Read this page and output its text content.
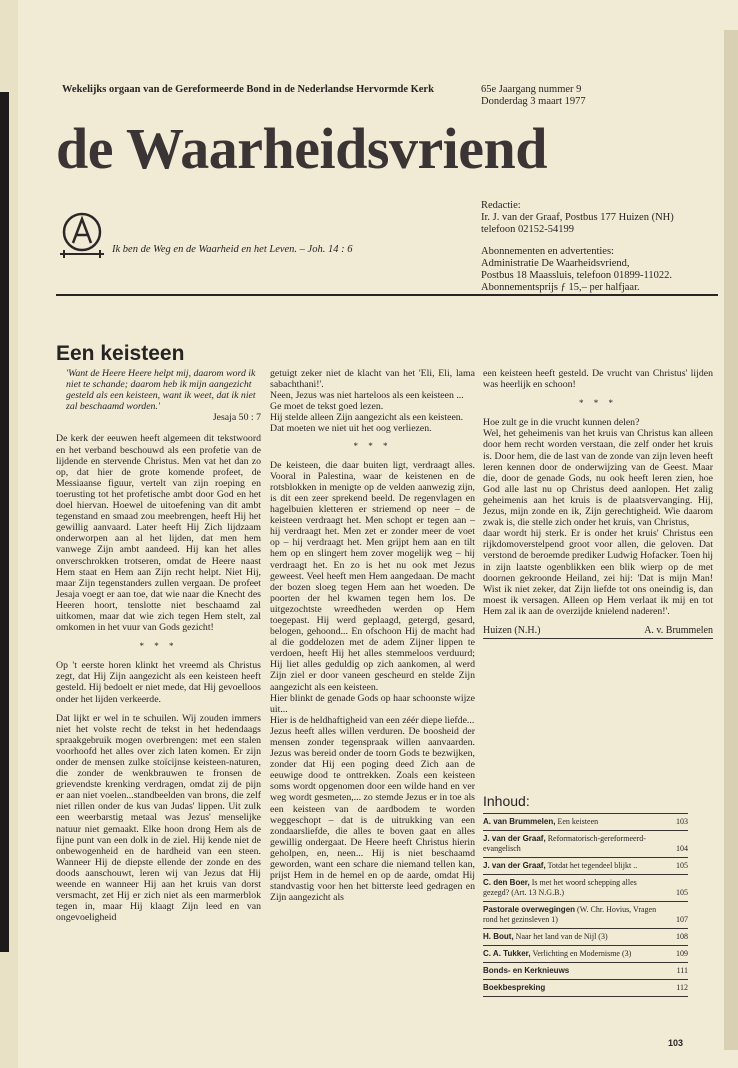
Wekelijks orgaan van de Gereformeerde Bond in de Nederlandse Hervormde Kerk	65e Jaargang nummer 9
Donderdag 3 maart 1977
de Waarheidsvriend
Ik ben de Weg en de Waarheid en het Leven. – Joh. 14 : 6
Redactie:
Ir. J. van der Graaf, Postbus 177 Huizen (NH)
telefoon 02152-54199
Abonnementen en advertenties:
Administratie De Waarheidsvriend,
Postbus 18 Maassluis, telefoon 01899-11022.
Abonnementsprijs ƒ 15,– per halfjaar.
Een keisteen
'Want de Heere Heere helpt mij, daarom word ik niet te schande; daarom heb ik mijn aangezicht gesteld als een keisteen, want ik weet, dat ik niet zal beschaamd worden.'
Jesaja 50 : 7

De kerk der eeuwen heeft algemeen dit tekstwoord en het verband beschouwd als een profetie van de lijdende en stervende Christus. Men vat het dan zo op, dat hier de grote komende profeet, de Messiaanse figuur, vertelt van zijn roeping en toerusting tot het profetische ambt door God en het doel hiervan. Hoewel de uitoefening van dit ambt tegenstand en smaad zou meebrengen, heeft Hij het gewillig aanvaard. Later heeft Hij Zich lijdzaam onderworpen aan al het lijden, dat men hem vanwege Zijn ambt aandeed. Hij kan het alles onverschrokken trotseren, omdat de Heere naast Hem staat en Hem aan Zijn recht helpt. Niet Hij, maar Zijn tegenstanders zullen vergaan. De profeet Jesaja voegt er aan toe, dat wie naar die Knecht des Heeren hoort, tenslotte niet beschaamd zal uitkomen, maar dat wie zich tegen Hem stelt, zal omkomen in het vuur van Gods gezicht!

* * *

Op 't eerste horen klinkt het vreemd als Christus zegt, dat Hij Zijn aangezicht als een keisteen heeft gesteld. Hij bedoelt er niet mede, dat Hij gevoelloos onder het lijden verkeerde.

Dat lijkt er wel in te schuilen. Wij zouden immers niet het volste recht de tekst in het hedendaags spraakgebruik mogen overbrengen: met een stalen voorhoofd het alles over zich laten komen. Er zijn onder de mensen zulke stoïcijnse keisteen-naturen, die zonder de wenkbrauwen te fronsen de grievendste krenking verdragen, omdat zij de pijn er aan niet voelen...standbeelden van brons, die zelf niet rillen onder de kus van Judas' lippen. Uit zulk een weerbarstig metaal was Jezus' menselijke natuur niet gemaakt. Elke hoon drong Hem als de fijne punt van een dolk in de ziel. Hij kende niet de onbewogenheid en de hardheid van een steen. Wanneer Hij de diepste ellende der zonde en des doods aanschouwt, leren wij van Jezus dat Hij weende en wanneer Hij aan het kruis van dorst versmacht, zet Hij er zich niet als een marmerblok tegen in, maar Hij klaagt Zijn leed en van ongevoeligheid

getuigt zeker niet de klacht van het 'Eli, Eli, lama sabachthani!'.
Neen, Jezus was niet harteloos als een keisteen ...
Ge moet de tekst goed lezen.
Hij stelde alleen Zijn aangezicht als een keisteen.
Dat moeten we niet uit het oog verliezen.
* * *
De keisteen, die daar buiten ligt, verdraagt alles. Vooral in Palestina, waar de keistenen en de rotsblokken in menigte op de velden aanwezig zijn, is dit een zeer sprekend beeld. De regenvlagen en hagelbuien kletteren er striemend op neer – de keisteen verdraagt het. Men schopt er tegen aan – hij verdraagt het. Men zet er zonder meer de voet op – hij verdraagt het. Men grijpt hem aan en tilt hem op en slingert hem zover mogelijk weg – hij verdraagt het. En zo is het nu ook met Jezus geweest. Veel heeft men Hem aangedaan. De macht der bozen sloeg tegen Hem aan het woeden. De poorten der hel kwamen tegen hem los. De uitgezochtste wreedheden werden op Hem toegepast. Hij werd geplaagd, getergd, gesard, belogen, gehoond... En ofschoon Hij de macht had al die goddelozen met de adem Zijner lippen te verdoen, heeft Hij het alles stemmeloos verduurd; Hij liet alles geduldig op zich aankomen, al werd Zijn ziel er door vaneen gescheurd en stelde Zijn aangezicht als een keisteen.
Hier blinkt de genade Gods op haar schoonste wijze uit...
Hier is de heldhaftigheid van een zéér diepe liefde...
Jezus heeft alles willen verduren. De boosheid der mensen zonder tegenspraak willen aanvaarden. Jezus was bereid onder de toorn Gods te bezwijken, zonder dat Hij een poging deed Zich aan de eeuwige dood te onttrekken. Zoals een keisteen soms wordt opgenomen door een wilde hand en ver weg wordt gesmeten,... zo stemde Jezus er in toe als een keisteen van de aardbodem te worden weggeschopt – dat is de uitrukking van een zondaarsliefde, die alles te boven gaat en alles gewillig ondergaat. De Heere heeft Christus hierin geholpen, en, neen... Hij is niet beschaamd geworden, want een schare die niemand tellen kan, prijst Hem in de hemel en op de aarde, omdat Hij standvastig voor hen het bitterste leed gedragen en Zijn aangezicht als

een keisteen heeft gesteld. De vrucht van Christus' lijden was heerlijk en schoon!

* * *
Hoe zult ge in die vrucht kunnen delen?
Wel, het geheimenis van het kruis van Christus kan alleen door hem recht worden verstaan, die zelf onder het kruis is. Door hem, die de last van de zonde van zijn leven heeft leren kennen door de onderwijzing van de Geest. Maar die, door de genade Gods, nu ook heeft leren zien, hoe God alle last nu op Christus deed aanlopen. Het zalig geheimenis aan het kruis is de plaatsvervanging. Hij, Jezus, mijn zonde en ik, Zijn gerechtigheid. Wie daarom zwak is, die stelle zich onder het kruis, van Christus,

daar wordt hij sterk. Er is onder het kruis' Christus een rijkdomoverstelpend groot voor allen, die geloven. Dat verstond de beroemde prediker Ludwig Hofacker. Toen hij in zijn laatste ogenblikken een blik wierp op de met doornen gekroonde Heiland, zei hij: 'Dat is mijn Man! Wist ik niet zeker, dat Zijn liefde tot ons oneindig is, dan moest ik versagen. Alleen op Hem verlaat ik mij en tot Hem zal ik aan de overzijde knielend naderen!'.

Huizen (N.H.)	A. v. Brummelen
Inhoud:
A. van Brummelen, Een keisteen	103
J. van der Graaf, Reformatorisch-gereformeerd-evangelisch	104
J. van der Graaf, Totdat het tegendeel blijkt ..	105
C. den Boer, Is met het woord schepping alles gezegd? (Art. 13 N.G.B.)	105
Pastorale overwegingen (W. Chr. Hovius, Vragen rond het gezinsleven 1)	107
H. Bout, Naar het land van de Nijl (3)	108
C. A. Tukker, Verlichting en Modernisme (3)	109
Bonds- en Kerknieuws	111
Boekbespreking	112
103
